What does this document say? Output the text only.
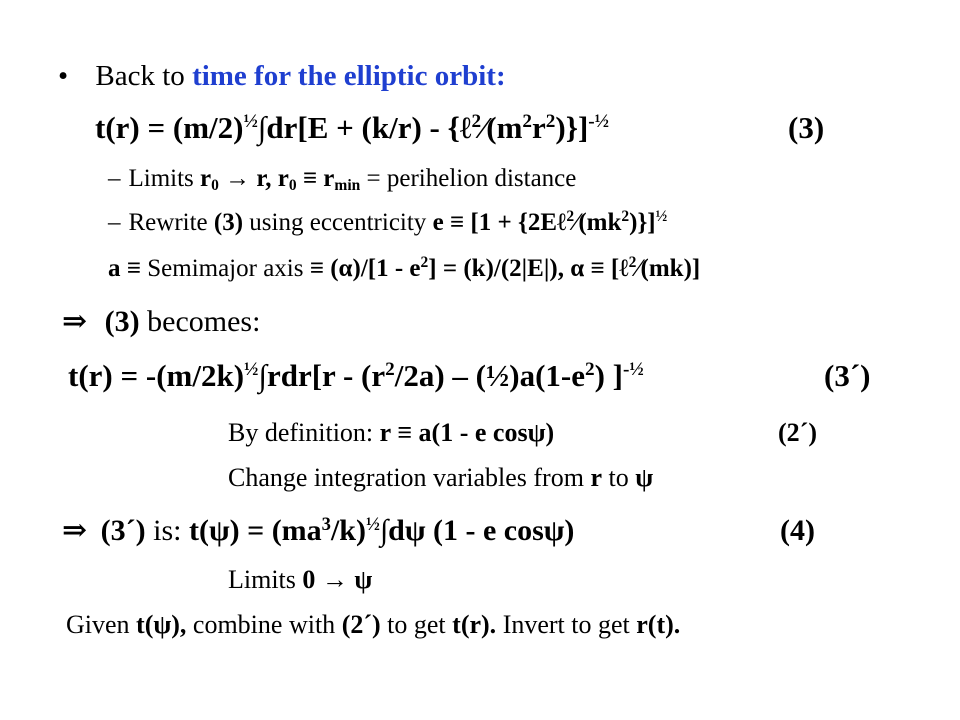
• Back to time for the elliptic orbit:
$t(r) = (m/2)^{\frac{1}{2}}\int dr[E + (k/r)$ - $\{\ell^2⁄(m^2r^2)\}]^{-\frac{1}{2}}$	(3)
– Limits $r_0 \to r$, $r_0 \equiv r_{min}$ = perihelion distance
– Rewrite (3) using eccentricity $e \equiv [1 + \{2E\ell^2⁄(mk^2)\}]^{\frac{1}{2}}$
a ≡ Semimajor axis ≡ $(\alpha)/[1 - e^2] = (k)/(2|E|)$, α ≡ [ℓ$^2$⁄(mk)]
⇒ (3) becomes:
$t(r) = -(m/2k)^{\frac{1}{2}}\int rdr[r - (r^2/2a)$ – $(\frac{1}{2})a(1-e^2)$ ]$^{-\frac{1}{2}}$	(3´)
By definition: r ≡ a(1 - e cosψ)	(2´)
Change integration variables from r to ψ
⇒ (3´) is: $t(\psi) = (ma^3/k)^{\frac{1}{2}}\int d\psi$ (1 - e cosψ)	(4)
Limits 0 → ψ
Given t(ψ), combine with (2´) to get t(r). Invert to get r(t).
